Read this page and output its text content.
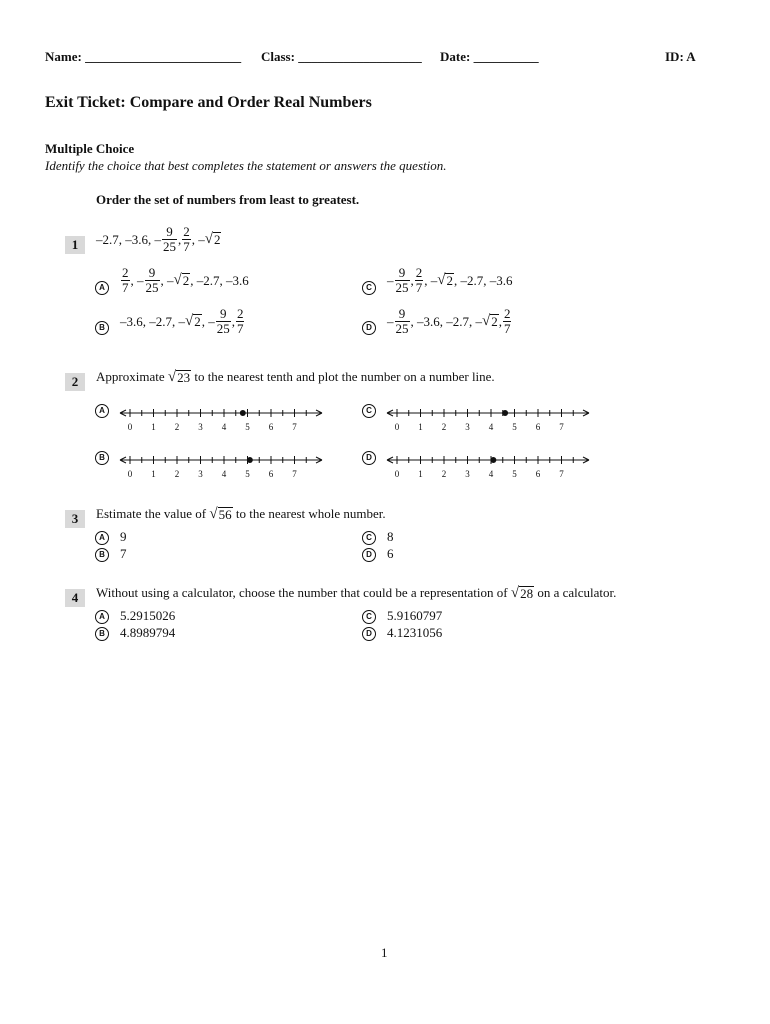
Name: ________________________ Class: ___________________ Date: __________	ID: A
Exit Ticket: Compare and Order Real Numbers
Multiple Choice
Identify the choice that best completes the statement or answers the question.
Order the set of numbers from least to greatest.
1	–2.7, –3.6, – $\frac{9}{25}$ , $\frac{2}{7}$ , – √ 2
A	$\frac{2}{7}$ , – $\frac{9}{25}$ , – √ 2 , –2.7, –3.6	C	– $\frac{9}{25}$ , $\frac{2}{7}$ , – √ 2 , –2.7, –3.6
B	–3.6, –2.7, – √ 2 , – $\frac{9}{25}$ , $\frac{2}{7}$	D	– $\frac{9}{25}$ , –3.6, –2.7, – √ 2 , $\frac{2}{7}$
2	Approximate
√ 23
to the nearest tenth and plot the number on a number line.
A
0 1 2 3 4 5 6 7
C
0 1 2 3 4 5 6 7
B
0 1 2 3 4 5 6 7
D
0 1 2 3 4 5 6 7
3	Estimate the value of
√ 56
to the nearest whole number.
A	9	C	8
B	7	D	6
4	Without using a calculator, choose the number that could be a representation of
√ 28
on a calculator.
A	5.2915026	C	5.9160797
B	4.8989794	D	4.1231056
1
